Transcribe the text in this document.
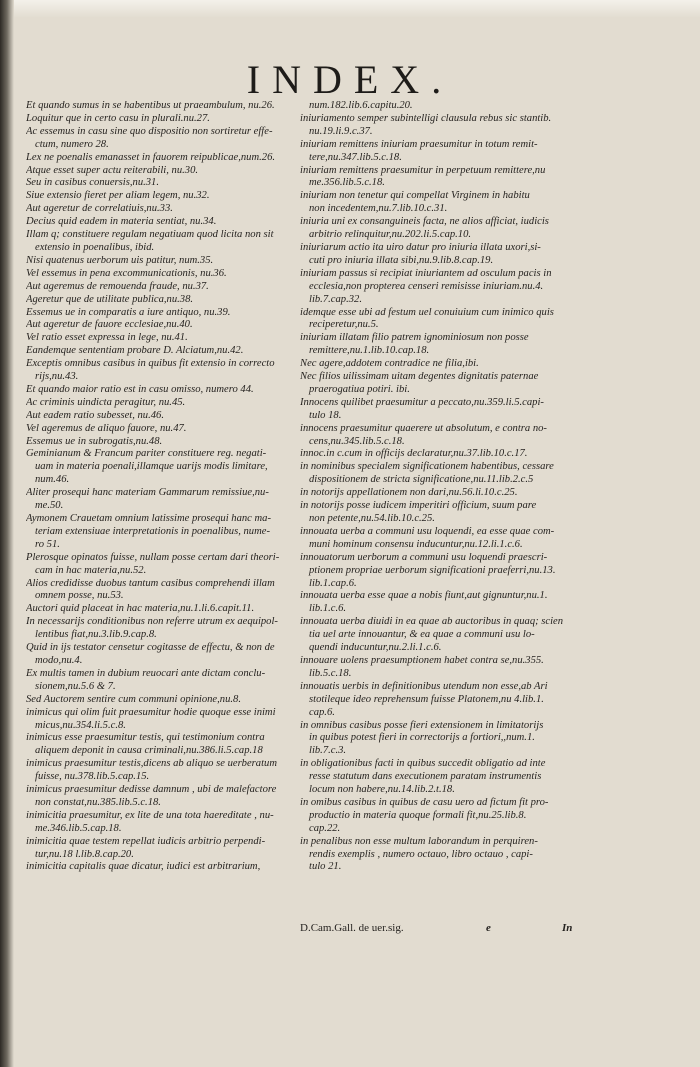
INDEX.
Et quando sumus in se habentibus ut praeambulum, nu.26.
Loquitur que in certo casu in plurali.nu.27.
Ac essemus in casu sine quo dispositio non sortiretur effe-
ctum, numero 28.
Lex ne poenalis emanasset in fauorem reipublicae,num.26.
Atque esset super actu reiterabili, nu.30.
Seu in casibus conuersis,nu.31.
Siue extensio fieret per aliam legem, nu.32.
Aut ageretur de correlatiuis,nu.33.
Decius quid eadem in materia sentiat, nu.34.
Illam q; constituere regulam negatiuam quod licita non sit
extensio in poenalibus, ibid.
Nisi quatenus uerborum uis patitur, num.35.
Vel essemus in pena excommunicationis, nu.36.
Aut ageremus de remouenda fraude, nu.37.
Ageretur que de utilitate publica,nu.38.
Essemus ue in comparatis a iure antiquo, nu.39.
Aut ageretur de fauore ecclesiae,nu.40.
Vel ratio esset expressa in lege, nu.41.
Eandemque sententiam probare D. Alciatum,nu.42.
Exceptis omnibus casibus in quibus fit extensio in correcto
rijs,nu.43.
Et quando maior ratio est in casu omisso, numero 44.
Ac criminis uindicta peragitur, nu.45.
Aut eadem ratio subesset, nu.46.
Vel ageremus de aliquo fauore, nu.47.
Essemus ue in subrogatis,nu.48.
Geminianum & Francum pariter constituere reg. negati-
uam in materia poenali,illamque uarijs modis limitare,
num.46.
Aliter prosequi hanc materiam Gammarum remissiue,nu-
me.50.
Aymonem Crauetam omnium latissime prosequi hanc ma-
teriam extensiuae interpretationis in poenalibus, nume-
ro 51.
Plerosque opinatos fuisse, nullam posse certam dari theori-
cam in hac materia,nu.52.
Alios credidisse duobus tantum casibus comprehendi illam
omnem posse, nu.53.
Auctori quid placeat in hac materia,nu.1.li.6.capit.11.
In necessarijs conditionibus non referre utrum ex aequipol-
lentibus fiat,nu.3.lib.9.cap.8.
Quid in ijs testator censetur cogitasse de effectu, & non de
modo,nu.4.
Ex multis tamen in dubium reuocari ante dictam conclu-
sionem,nu.5.6 & 7.
Sed Auctorem sentire cum communi opinione,nu.8.
inimicus qui olim fuit praesumitur hodie quoque esse inimi
micus,nu.354.li.5.c.8.
inimicus esse praesumitur testis, qui testimonium contra
aliquem deponit in causa criminali,nu.386.li.5.cap.18
inimicus praesumitur testis,dicens ab aliquo se uerberatum
fuisse, nu.378.lib.5.cap.15.
inimicus praesumitur dedisse damnum , ubi de malefactore
non constat,nu.385.lib.5.c.18.
inimicitia praesumitur, ex lite de una tota haereditate , nu-
me.346.lib.5.cap.18.
inimicitia quae testem repellat iudicis arbitrio perpendi-
tur,nu.18 l.lib.8.cap.20.
inimicitia capitalis quae dicatur, iudici est arbitrarium,
num.182.lib.6.capitu.20.
iniuriamento semper subintelligi clausula rebus sic stantib.
nu.19.li.9.c.37.
iniuriam remittens iniuriam praesumitur in totum remit-
tere,nu.347.lib.5.c.18.
iniuriam remittens praesumitur in perpetuum remittere,nu
me.356.lib.5.c.18.
iniuriam non tenetur qui compellat Virginem in habitu
non incedentem,nu.7.lib.10.c.31.
iniuria uni ex consanguineis facta, ne alios afficiat, iudicis
arbitrio relinquitur,nu.202.li.5.cap.10.
iniuriarum actio ita uiro datur pro iniuria illata uxori,si-
cuti pro iniuria illata sibi,nu.9.lib.8.cap.19.
iniuriam passus si recipiat iniuriantem ad osculum pacis in
ecclesia,non propterea censeri remisisse iniuriam.nu.4.
lib.7.cap.32.
idemque esse ubi ad festum uel conuiuium cum inimico quis
reciperetur,nu.5.
iniuriam illatam filio patrem ignominiosum non posse
remittere,nu.1.lib.10.cap.18.
Nec agere,addotem contradice ne filia,ibi.
Nec filios uilissimam uitam degentes dignitatis paternae
praerogatiua potiri. ibi.
Innocens quilibet praesumitur a peccato,nu.359.li.5.capi-
tulo 18.
innocens praesumitur quaerere ut absolutum, e contra no-
cens,nu.345.lib.5.c.18.
innoc.in c.cum in officijs declaratur,nu.37.lib.10.c.17.
in nominibus specialem significationem habentibus, cessare
dispositionem de stricta significatione,nu.11.lib.2.c.5
in notorijs appellationem non dari,nu.56.li.10.c.25.
in notorijs posse iudicem imperitiri officium, suum pare
non petente,nu.54.lib.10.c.25.
innouata uerba a communi usu loquendi, ea esse quae com-
muni hominum consensu inducuntur,nu.12.li.1.c.6.
innouatorum uerborum a communi usu loquendi praescri-
ptionem propriae uerborum significationi praeferri,nu.13.
lib.1.cap.6.
innouata uerba esse quae a nobis fiunt,aut gignuntur,nu.1.
lib.1.c.6.
innouata uerba diuidi in ea quae ab auctoribus in quaq; scien
tia uel arte innouantur, & ea quae a communi usu lo-
quendi inducuntur,nu.2.li.1.c.6.
innouare uolens praesumptionem habet contra se,nu.355.
lib.5.c.18.
innouatis uerbis in definitionibus utendum non esse,ab Ari
stotileque ideo reprehensum fuisse Platonem,nu 4.lib.1.
cap.6.
in omnibus casibus posse fieri extensionem in limitatorijs
in quibus potest fieri in correctorijs a fortiori,,num.1.
lib.7.c.3.
in obligationibus facti in quibus succedit obligatio ad inte
resse statutum dans executionem paratam instrumentis
locum non habere,nu.14.lib.2.t.18.
in omibus casibus in quibus de casu uero ad fictum fit pro-
productio in materia quoque formali fit,nu.25.lib.8.
cap.22.
in penalibus non esse multum laborandum in perquiren-
rendis exemplis , numero octauo, libro octauo , capi-
tulo 21.
D.Cam.Gall. de uer.sig.	e	In
